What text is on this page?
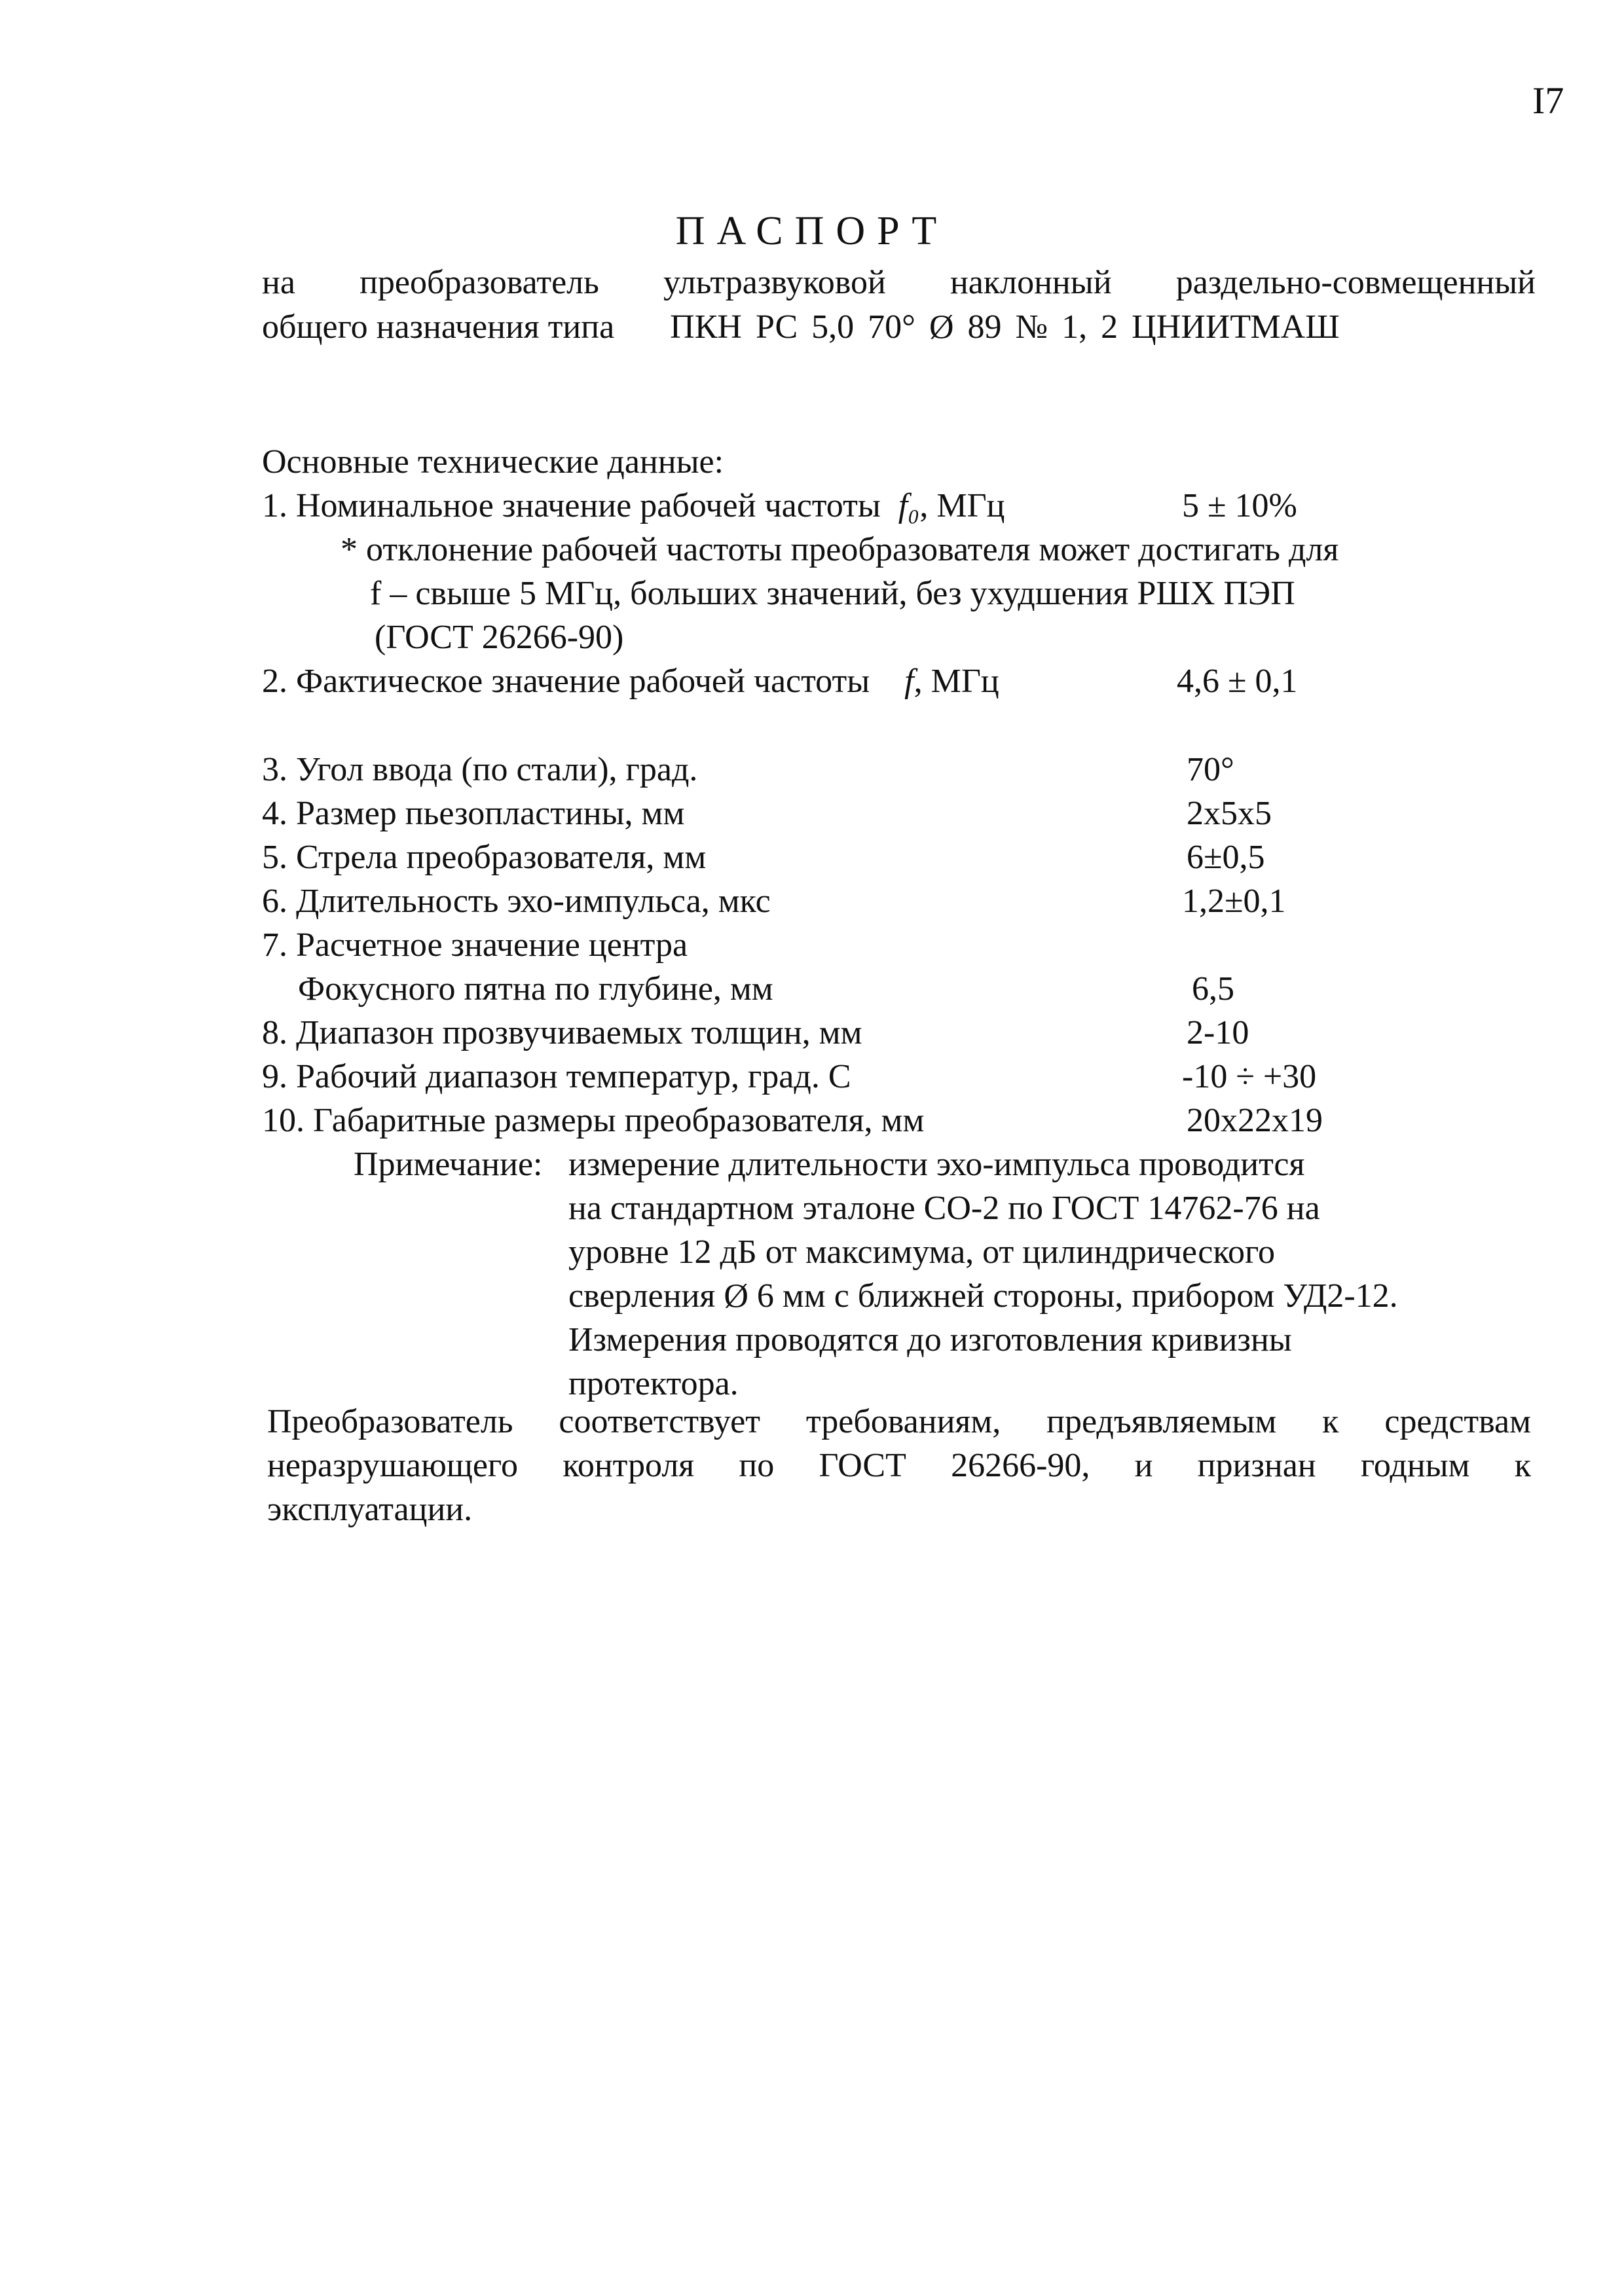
I7
ПАСПОРТ
на преобразователь ультразвуковой наклонный раздельно-совмещенный
общего назначения типа ПКН РС 5,0 70° Ø 89 № 1, 2 ЦНИИТМАШ
Основные технические данные:
1. Номинальное значение рабочей частоты f₀, МГц	5 ± 10%
* отклонение рабочей частоты преобразователя может достигать для
f – свыше 5 МГц, больших значений, без ухудшения РШХ ПЭП
(ГОСТ 26266-90)
2. Фактическое значение рабочей частоты f, МГц	4,6 ± 0,1
3. Угол ввода (по стали), град.	70°
4. Размер пьезопластины, мм	2х5х5
5. Стрела преобразователя, мм	6±0,5
6. Длительность эхо-импульса, мкс	1,2±0,1
7. Расчетное значение центра
Фокусного пятна по глубине, мм	6,5
8. Диапазон прозвучиваемых толщин, мм	2-10
9. Рабочий диапазон температур, град. С	-10 ÷ +30
10. Габаритные размеры преобразователя, мм	20х22х19
Примечание: измерение длительности эхо-импульса проводится
на стандартном эталоне СО-2 по ГОСТ 14762-76 на
уровне 12 дБ от максимума, от цилиндрического
сверления Ø 6 мм с ближней стороны, прибором УД2-12.
Измерения проводятся до изготовления кривизны
протектора.
Преобразователь соответствует требованиям, предъявляемым к средствам
неразрушающего контроля по ГОСТ 26266-90, и признан годным к
эксплуатации.
